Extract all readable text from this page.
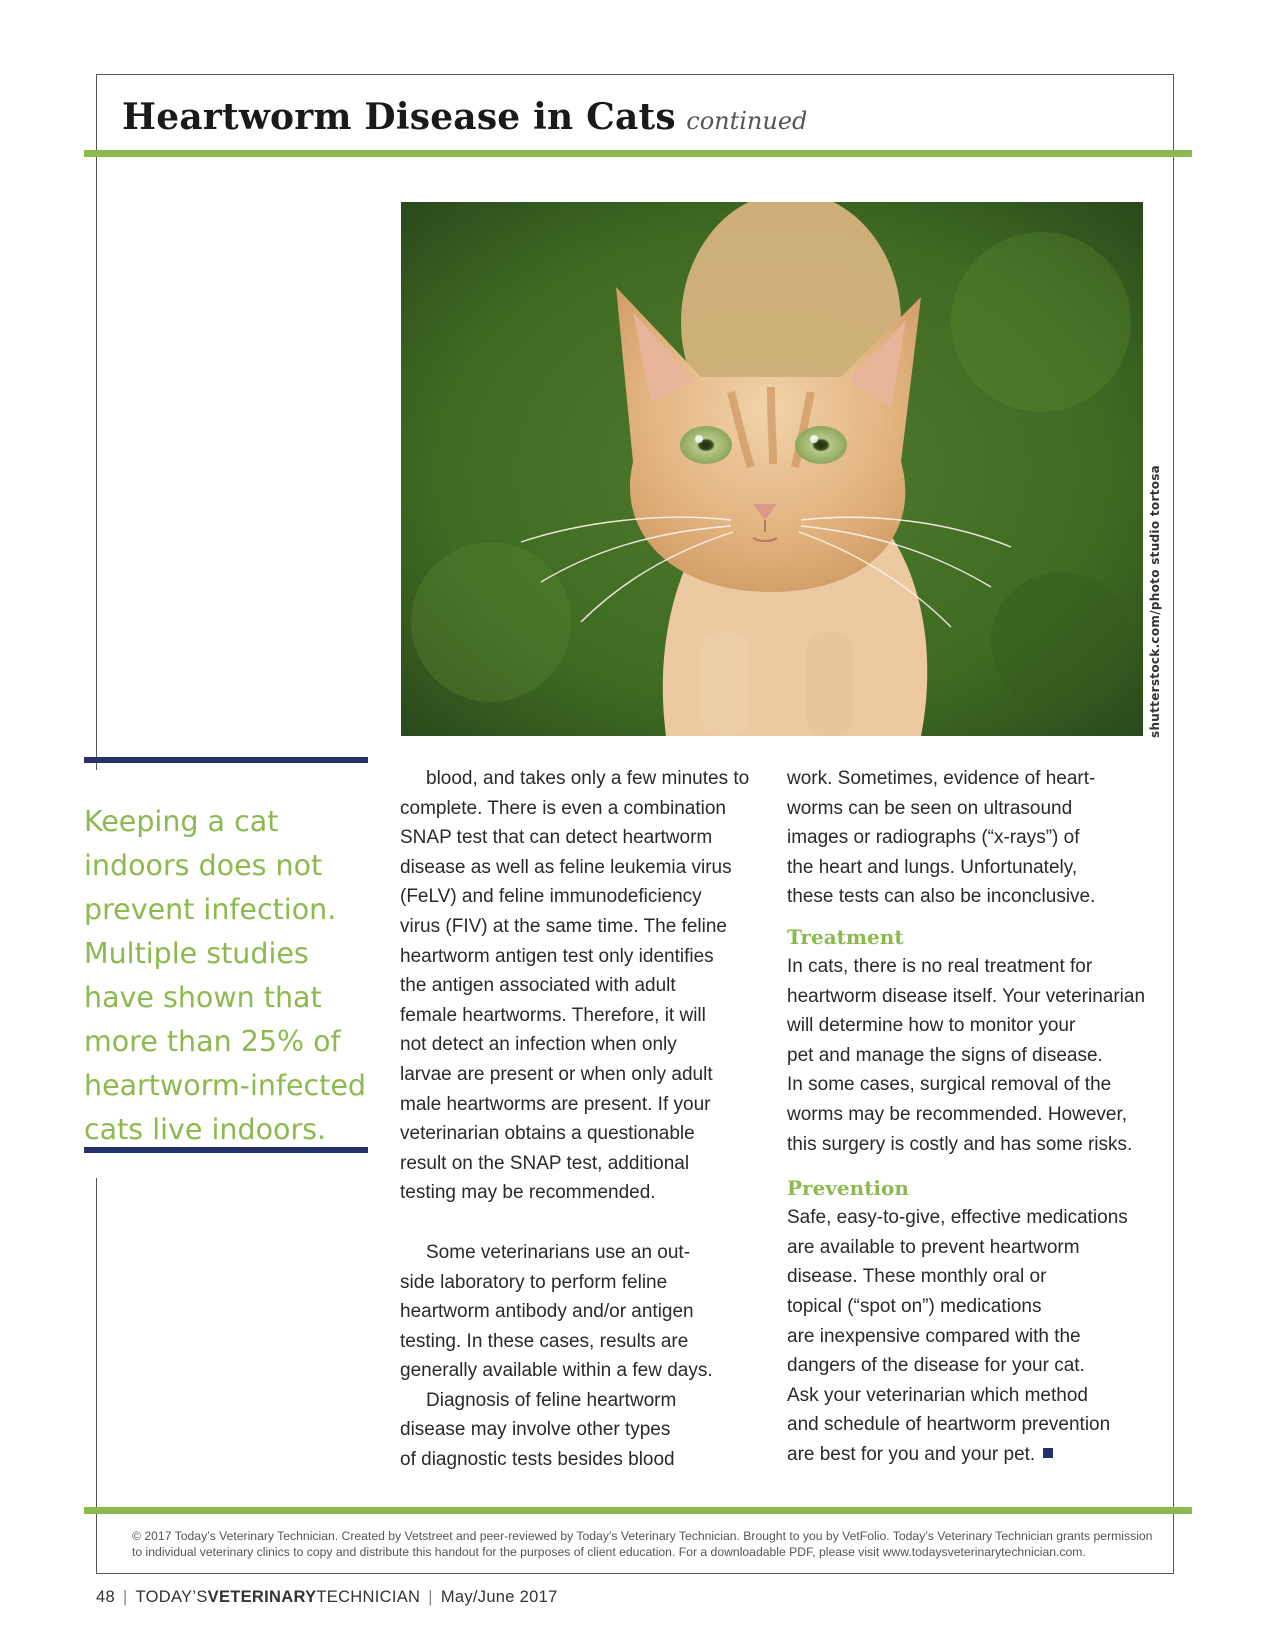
Heartworm Disease in Cats continued
shutterstock.com/photo studio tortosa
Keeping a cat
indoors does not
prevent infection.
Multiple studies
have shown that
more than 25% of
heartworm-infected
cats live indoors.
blood, and takes only a few minutes to
complete. There is even a combination
SNAP test that can detect heartworm
disease as well as feline leukemia virus
(FeLV) and feline immunodeficiency
virus (FIV) at the same time. The feline
heartworm antigen test only identifies
the antigen associated with adult
female heartworms. Therefore, it will
not detect an infection when only
larvae are present or when only adult
male heartworms are present. If your
veterinarian obtains a questionable
result on the SNAP test, additional
testing may be recommended.
Some veterinarians use an out-
side laboratory to perform feline
heartworm antibody and/or antigen
testing. In these cases, results are
generally available within a few days.
Diagnosis of feline heartworm
disease may involve other types
of diagnostic tests besides blood
work. Sometimes, evidence of heart-
worms can be seen on ultrasound
images or radiographs (“x-rays”) of
the heart and lungs. Unfortunately,
these tests can also be inconclusive.
Treatment
In cats, there is no real treatment for
heartworm disease itself. Your veterinarian
will determine how to monitor your
pet and manage the signs of disease.
In some cases, surgical removal of the
worms may be recommended. However,
this surgery is costly and has some risks.
Prevention
Safe, easy-to-give, effective medications
are available to prevent heartworm
disease. These monthly oral or
topical (“spot on”) medications
are inexpensive compared with the
dangers of the disease for your cat.
Ask your veterinarian which method
and schedule of heartworm prevention
are best for you and your pet.
© 2017 Today’s Veterinary Technician. Created by Vetstreet and peer-reviewed by Today’s Veterinary Technician. Brought to you by VetFolio. Today’s Veterinary Technician grants permission
to individual veterinary clinics to copy and distribute this handout for the purposes of client education. For a downloadable PDF, please visit www.todaysveterinarytechnician.com.
48 | TODAY’SVETERINARYTECHNICIAN | May/June 2017
